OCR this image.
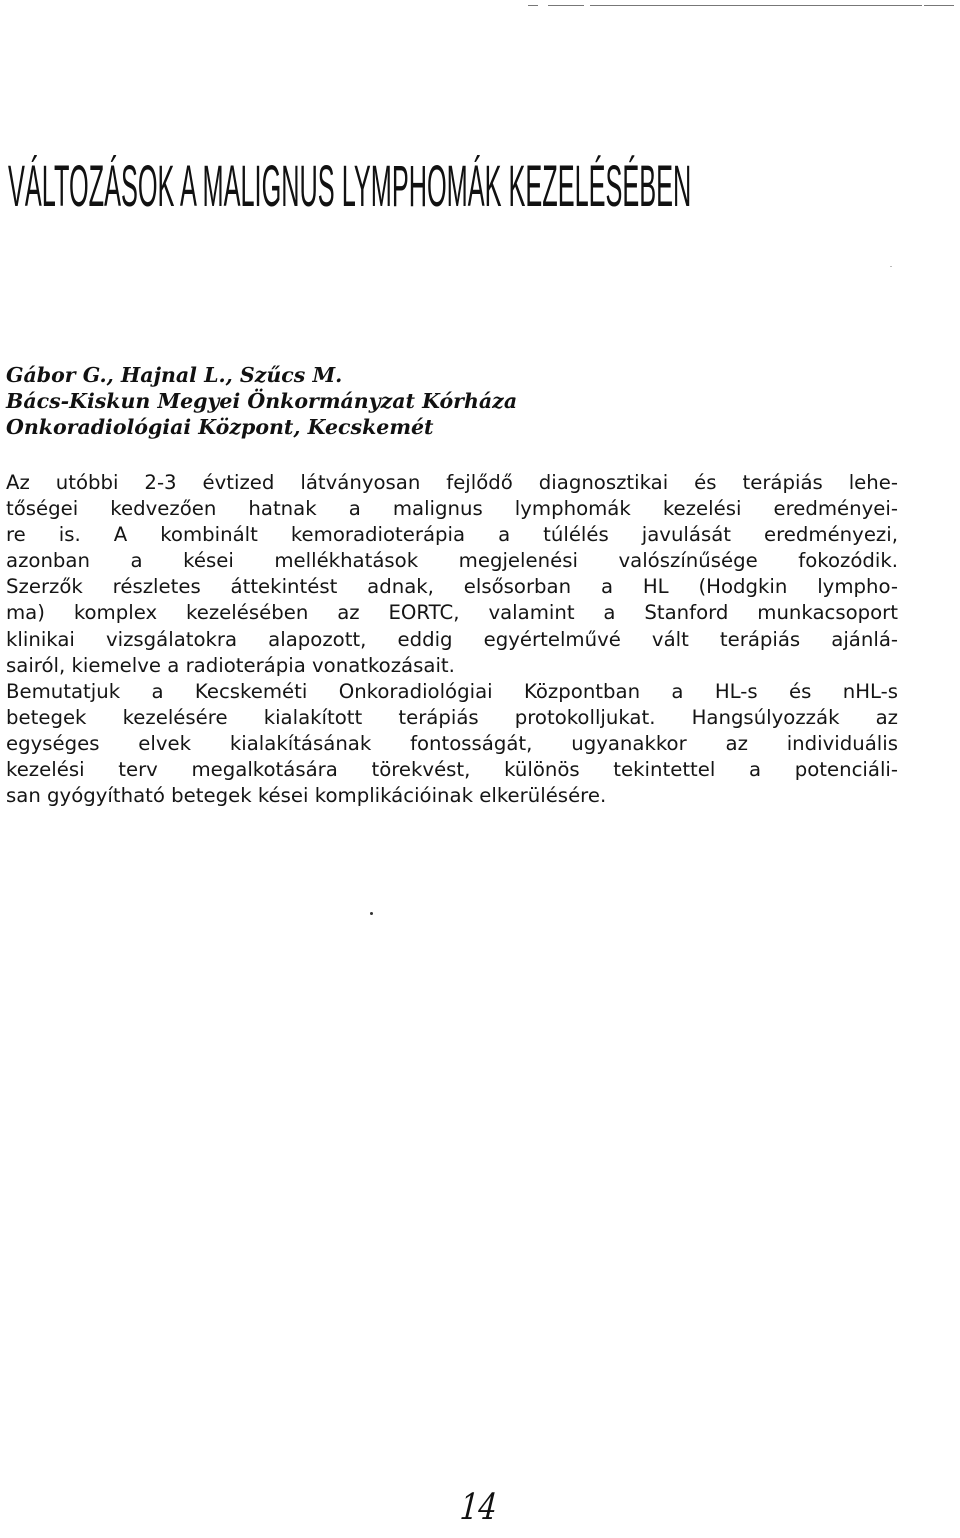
VÁLTOZÁSOK A MALIGNUS LYMPHOMÁK KEZELÉSÉBEN
Gábor G., Hajnal L., Szűcs M.
Bács-Kiskun Megyei Önkormányzat Kórháza
Onkoradiológiai Központ, Kecskemét
Az utóbbi 2-3 évtized látványosan fejlődő diagnosztikai és terápiás lehe-
tőségei kedvezően hatnak a malignus lymphomák kezelési eredményei-
re is. A kombinált kemoradioterápia a túlélés javulását eredményezi,
azonban a kései mellékhatások megjelenési valószínűsége fokozódik.
Szerzők részletes áttekintést adnak, elsősorban a HL (Hodgkin lympho-
ma) komplex kezelésében az EORTC, valamint a Stanford munkacsoport
klinikai vizsgálatokra alapozott, eddig egyértelművé vált terápiás ajánlá-
sairól, kiemelve a radioterápia vonatkozásait.
Bemutatjuk a Kecskeméti Onkoradiológiai Központban a HL-s és nHL-s
betegek kezelésére kialakított terápiás protokolljukat. Hangsúlyozzák az
egységes elvek kialakításának fontosságát, ugyanakkor az individuális
kezelési terv megalkotására törekvést, különös tekintettel a potenciáli-
san gyógyítható betegek kései komplikációinak elkerülésére.
14
